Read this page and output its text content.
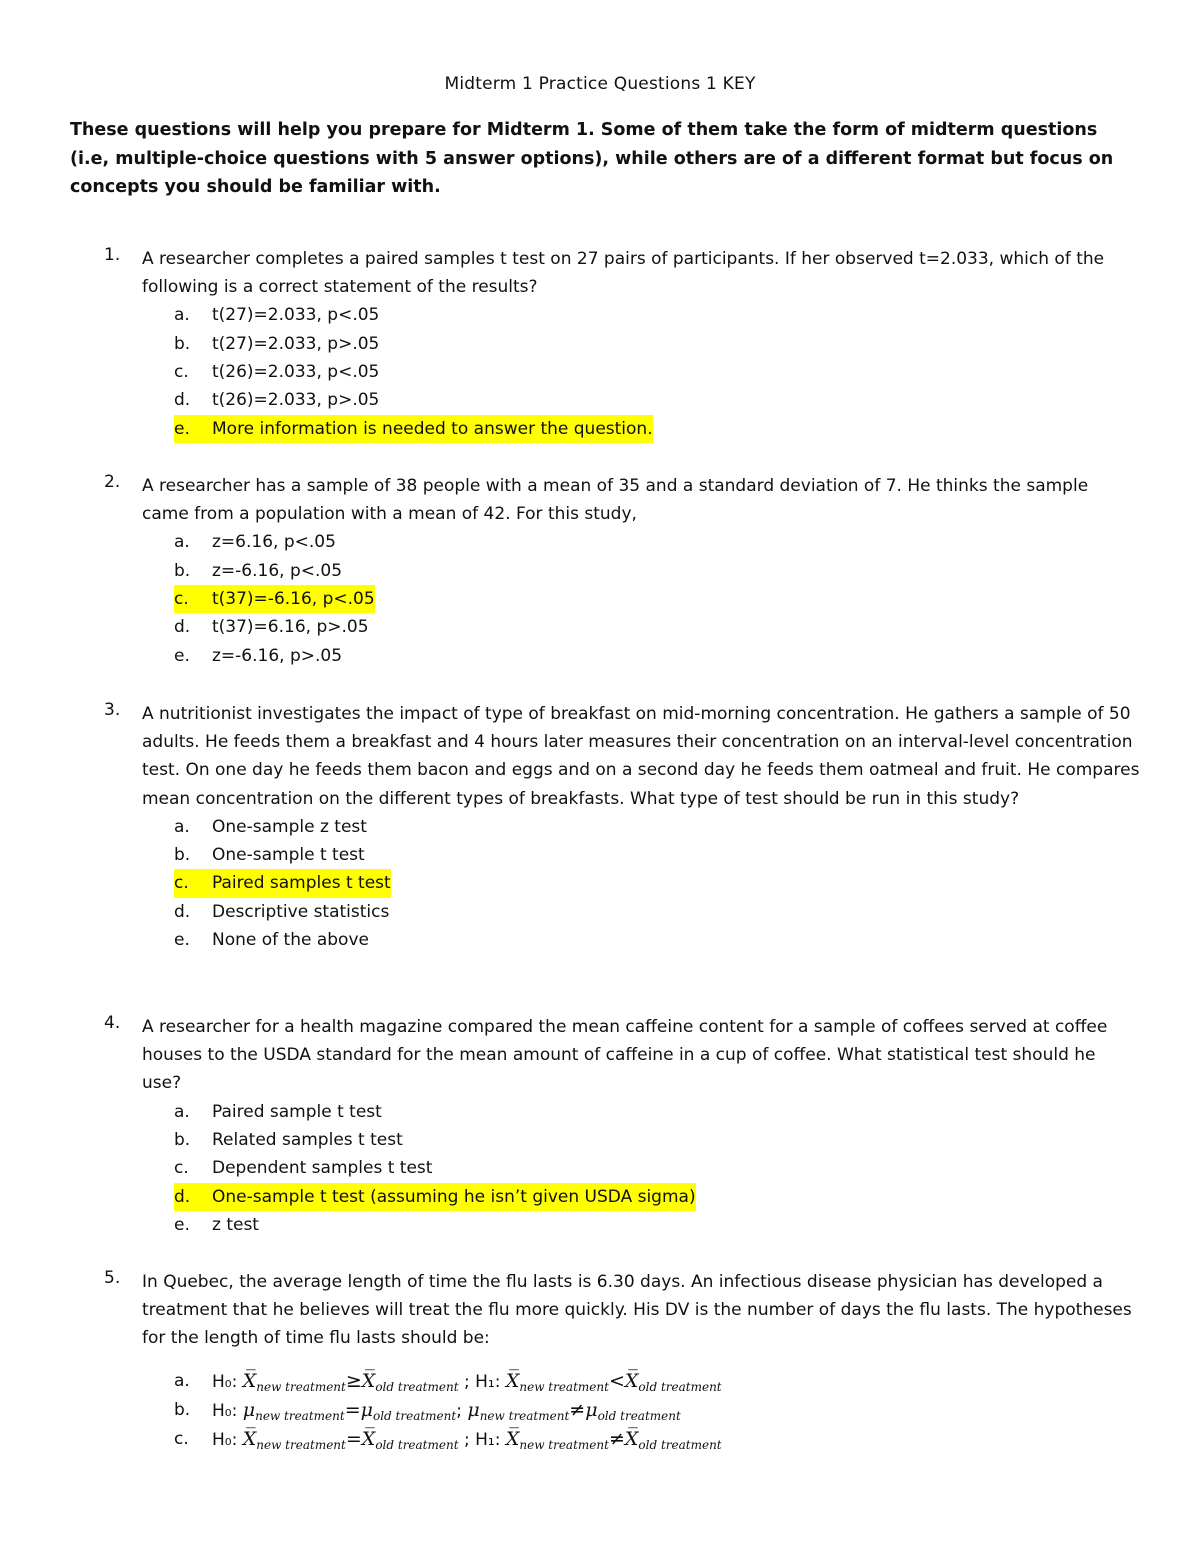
Midterm 1 Practice Questions 1 KEY
These questions will help you prepare for Midterm 1. Some of them take the form of midterm questions (i.e, multiple-choice questions with 5 answer options), while others are of a different format but focus on concepts you should be familiar with.
1.	A researcher completes a paired samples t test on 27 pairs of participants. If her observed t=2.033, which of the following is a correct statement of the results?
a.	t(27)=2.033, p<.05
b.	t(27)=2.033, p>.05
c.	t(26)=2.033, p<.05
d.	t(26)=2.033, p>.05
e.	More information is needed to answer the question.
2.	A researcher has a sample of 38 people with a mean of 35 and a standard deviation of 7. He thinks the sample came from a population with a mean of 42. For this study,
a.	z=6.16, p<.05
b.	z=-6.16, p<.05
c.	t(37)=-6.16, p<.05
d.	t(37)=6.16, p>.05
e.	z=-6.16, p>.05
3.	A nutritionist investigates the impact of type of breakfast on mid-morning concentration. He gathers a sample of 50 adults. He feeds them a breakfast and 4 hours later measures their concentration on an interval-level concentration test. On one day he feeds them bacon and eggs and on a second day he feeds them oatmeal and fruit. He compares mean concentration on the different types of breakfasts. What type of test should be run in this study?
a.	One-sample z test
b.	One-sample t test
c.	Paired samples t test
d.	Descriptive statistics
e.	None of the above
4.	A researcher for a health magazine compared the mean caffeine content for a sample of coffees served at coffee houses to the USDA standard for the mean amount of caffeine in a cup of coffee. What statistical test should he use?
a.	Paired sample t test
b.	Related samples t test
c.	Dependent samples t test
d.	One-sample t test (assuming he isn’t given USDA sigma)
e.	z test
5.	In Quebec, the average length of time the flu lasts is 6.30 days. An infectious disease physician has developed a treatment that he believes will treat the flu more quickly. His DV is the number of days the flu lasts. The hypotheses for the length of time flu lasts should be:
a.	H₀: $X̅_{new treatment}\ge X̅_{old treatment}$ ; H₁: $X̅_{new treatment}<X̅_{old treatment}$
b.	H₀: $\mu_{new treatment}=\mu_{old treatment}$; $\mu_{new treatment}\ne\mu_{old treatment}$
c.	H₀: $X̅_{new treatment}=X̅_{old treatment}$ ; H₁: $X̅_{new treatment}\ne X̅_{old treatment}$
